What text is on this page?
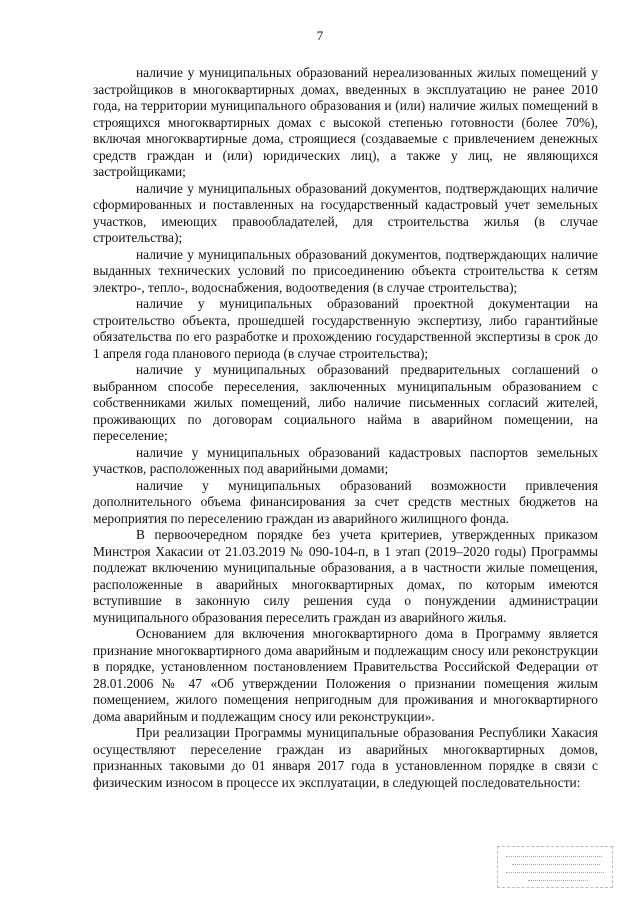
7

наличие у муниципальных образований нереализованных жилых помещений у застройщиков в многоквартирных домах, введенных в эксплуатацию не ранее 2010 года, на территории муниципального образования и (или) наличие жилых помещений в строящихся многоквартирных домах с высокой степенью готовности (более 70%), включая многоквартирные дома, строящиеся (создаваемые с привлечением денежных средств граждан и (или) юридических лиц), а также у лиц, не являющихся застройщиками;

наличие у муниципальных образований документов, подтверждающих наличие сформированных и поставленных на государственный кадастровый учет земельных участков, имеющих правообладателей, для строительства жилья (в случае строительства);

наличие у муниципальных образований документов, подтверждающих наличие выданных технических условий по присоединению объекта строительства к сетям электро-, тепло-, водоснабжения, водоотведения (в случае строительства);

наличие у муниципальных образований проектной документации на строительство объекта, прошедшей государственную экспертизу, либо гарантийные обязательства по его разработке и прохождению государственной экспертизы в срок до 1 апреля года планового периода (в случае строительства);

наличие у муниципальных образований предварительных соглашений о выбранном способе переселения, заключенных муниципальным образованием с собственниками жилых помещений, либо наличие письменных согласий жителей, проживающих по договорам социального найма в аварийном помещении, на переселение;

наличие у муниципальных образований кадастровых паспортов земельных участков, расположенных под аварийными домами;

наличие у муниципальных образований возможности привлечения дополнительного объема финансирования за счет средств местных бюджетов на мероприятия по переселению граждан из аварийного жилищного фонда.

В первоочередном порядке без учета критериев, утвержденных приказом Минстроя Хакасии от 21.03.2019 № 090-104-п, в 1 этап (2019–2020 годы) Программы подлежат включению муниципальные образования, а в частности жилые помещения, расположенные в аварийных многоквартирных домах, по которым имеются вступившие в законную силу решения суда о понуждении администрации муниципального образования переселить граждан из аварийного жилья.

Основанием для включения многоквартирного дома в Программу является признание многоквартирного дома аварийным и подлежащим сносу или реконструкции в порядке, установленном постановлением Правительства Российской Федерации от 28.01.2006 № 47 «Об утверждении Положения о признании помещения жилым помещением, жилого помещения непригодным для проживания и многоквартирного дома аварийным и подлежащим сносу или реконструкции».

При реализации Программы муниципальные образования Республики Хакасия осуществляют переселение граждан из аварийных многоквартирных домов, признанных таковыми до 01 января 2017 года в установленном порядке в связи с физическим износом в процессе их эксплуатации, в следующей последовательности:
